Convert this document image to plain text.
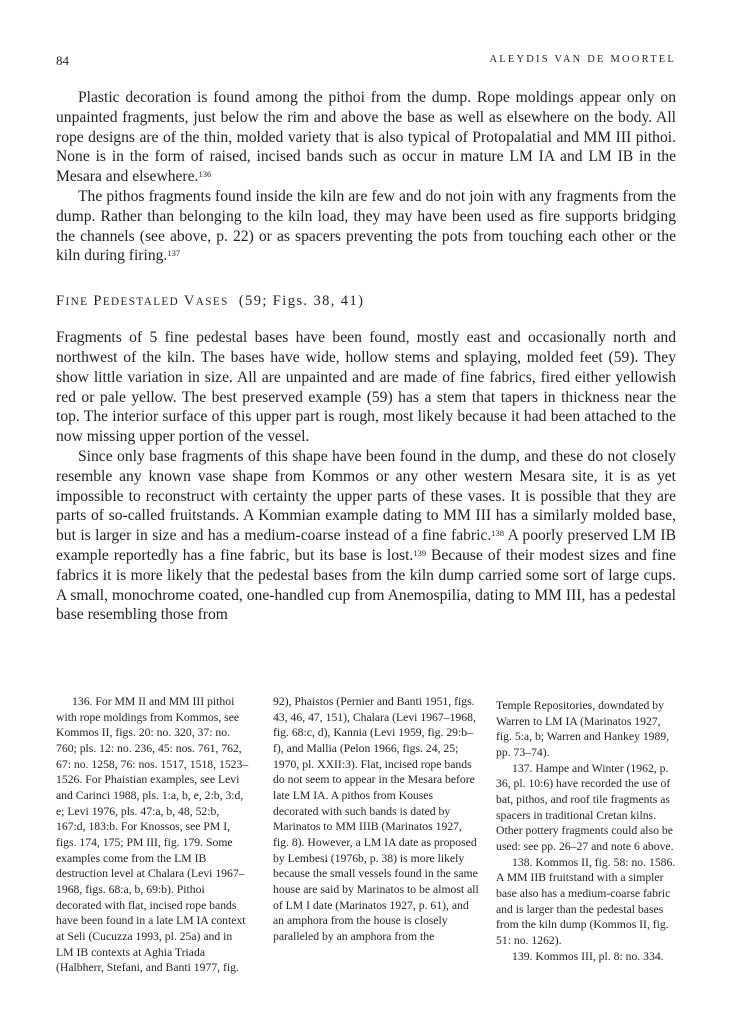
84	ALEYDIS VAN DE MOORTEL

Plastic decoration is found among the pithoi from the dump. Rope moldings appear only on unpainted fragments, just below the rim and above the base as well as elsewhere on the body. All rope designs are of the thin, molded variety that is also typical of Protopalatial and MM III pithoi. None is in the form of raised, incised bands such as occur in mature LM IA and LM IB in the Mesara and elsewhere.$^{136}$

The pithos fragments found inside the kiln are few and do not join with any fragments from the dump. Rather than belonging to the kiln load, they may have been used as fire supports bridging the channels (see above, p. 22) or as spacers preventing the pots from touching each other or the kiln during firing.$^{137}$

FINE PEDESTALED VASES (59; Figs. 38, 41)

Fragments of 5 fine pedestal bases have been found, mostly east and occasionally north and northwest of the kiln. The bases have wide, hollow stems and splaying, molded feet (59). They show little variation in size. All are unpainted and are made of fine fabrics, fired either yellowish red or pale yellow. The best preserved example (59) has a stem that tapers in thickness near the top. The interior surface of this upper part is rough, most likely because it had been attached to the now missing upper portion of the vessel.

Since only base fragments of this shape have been found in the dump, and these do not closely resemble any known vase shape from Kommos or any other western Mesara site, it is as yet impossible to reconstruct with certainty the upper parts of these vases. It is possible that they are parts of so-called fruitstands. A Kommian example dating to MM III has a similarly molded base, but is larger in size and has a medium-coarse instead of a fine fabric.$^{138}$ A poorly preserved LM IB example reportedly has a fine fabric, but its base is lost.$^{139}$ Because of their modest sizes and fine fabrics it is more likely that the pedestal bases from the kiln dump carried some sort of large cups. A small, monochrome coated, one-handled cup from Anemospilia, dating to MM III, has a pedestal base resembling those from

136. For MM II and MM III pithoi with rope moldings from Kommos, see Kommos II, figs. 20: no. 320, 37: no. 760; pls. 12: no. 236, 45: nos. 761, 762, 67: no. 1258, 76: nos. 1517, 1518, 1523–1526. For Phaistian examples, see Levi and Carinci 1988, pls. 1:a, b, e, 2:b, 3:d, e; Levi 1976, pls. 47:a, b, 48, 52:b, 167:d, 183:b. For Knossos, see PM I, figs. 174, 175; PM III, fig. 179. Some examples come from the LM IB destruction level at Chalara (Levi 1967–1968, figs. 68:a, b, 69:b). Pithoi decorated with flat, incised rope bands have been found in a late LM IA context at Seli (Cucuzza 1993, pl. 25a) and in LM IB contexts at Aghia Triada (Halbherr, Stefani, and Banti 1977, fig.

92), Phaistos (Pernier and Banti 1951, figs. 43, 46, 47, 151), Chalara (Levi 1967–1968, fig. 68:c, d), Kannia (Levi 1959, fig. 29:b–f), and Mallia (Pelon 1966, figs. 24, 25; 1970, pl. XXII:3). Flat, incised rope bands do not seem to appear in the Mesara before late LM IA. A pithos from Kouses decorated with such bands is dated by Marinatos to MM IIIB (Marinatos 1927, fig. 8). However, a LM IA date as proposed by Lembesi (1976b, p. 38) is more likely because the small vessels found in the same house are said by Marinatos to be almost all of LM I date (Marinatos 1927, p. 61), and an amphora from the house is closely paralleled by an amphora from the

Temple Repositories, downdated by Warren to LM IA (Marinatos 1927, fig. 5:a, b; Warren and Hankey 1989, pp. 73–74).

137. Hampe and Winter (1962, p. 36, pl. 10:6) have recorded the use of bat, pithos, and roof tile fragments as spacers in traditional Cretan kilns. Other pottery fragments could also be used: see pp. 26–27 and note 6 above.

138. Kommos II, fig. 58: no. 1586. A MM IIB fruitstand with a simpler base also has a medium-coarse fabric and is larger than the pedestal bases from the kiln dump (Kommos II, fig. 51: no. 1262).

139. Kommos III, pl. 8: no. 334.
